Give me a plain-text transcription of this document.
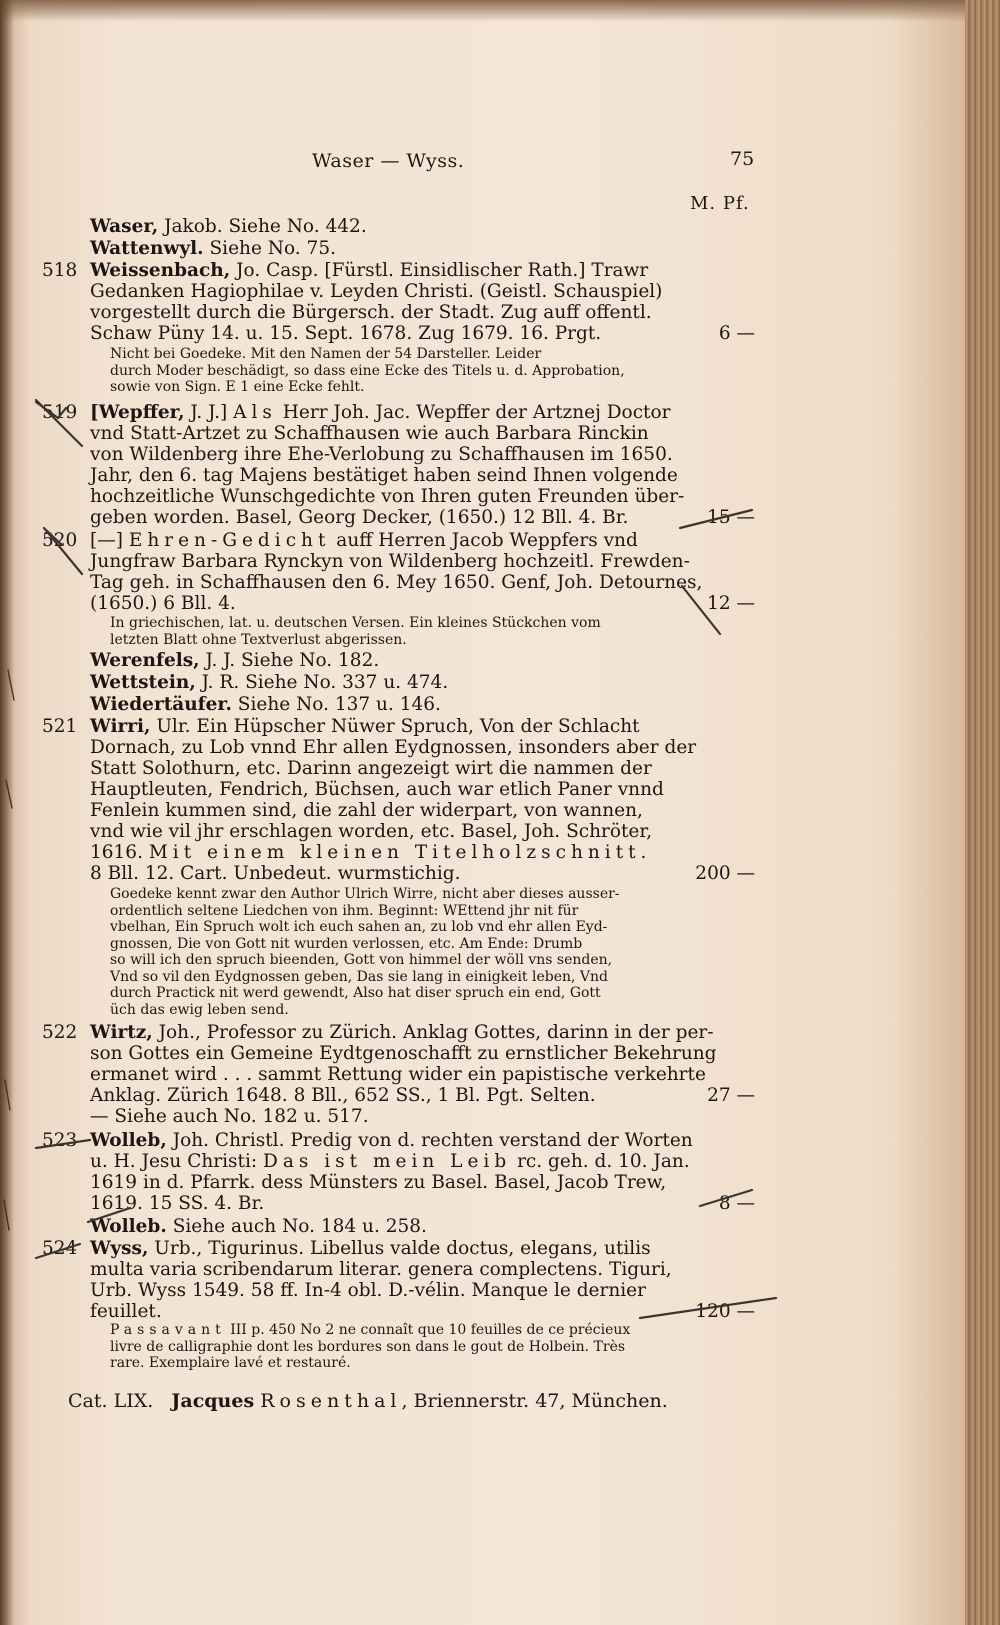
Waser — Wyss.	75
M. Pf.
Waser, Jakob. Siehe No. 442.
Wattenwyl. Siehe No. 75.
518 Weissenbach, Jo. Casp. [Fürstl. Einsidlischer Rath.] Trawr
Gedanken Hagiophilae v. Leyden Christi. (Geistl. Schauspiel)
vorgestellt durch die Bürgersch. der Stadt. Zug auff offentl.
Schaw Püny 14. u. 15. Sept. 1678. Zug 1679. 16. Prgt.	6 —
Nicht bei Goedeke. Mit den Namen der 54 Darsteller. Leider
durch Moder beschädigt, so dass eine Ecke des Titels u. d. Approbation,
sowie von Sign. E 1 eine Ecke fehlt.
519 [Wepffer, J. J.] Als Herr Joh. Jac. Wepffer der Artznej Doctor
vnd Statt-Artzet zu Schaffhausen wie auch Barbara Rinckin
von Wildenberg ihre Ehe-Verlobung zu Schaffhausen im 1650.
Jahr, den 6. tag Majens bestätiget haben seind Ihnen volgende
hochzeitliche Wunschgedichte von Ihren guten Freunden über-
geben worden. Basel, Georg Decker, (1650.) 12 Bll. 4. Br.	15 —
520 [—] Ehren-Gedicht auff Herren Jacob Weppfers vnd
Jungfraw Barbara Rynckyn von Wildenberg hochzeitl. Frewden-
Tag geh. in Schaffhausen den 6. Mey 1650. Genf, Joh. Detournes,
(1650.) 6 Bll. 4.	12 —
In griechischen, lat. u. deutschen Versen. Ein kleines Stückchen vom
letzten Blatt ohne Textverlust abgerissen.
Werenfels, J. J. Siehe No. 182.
Wettstein, J. R. Siehe No. 337 u. 474.
Wiedertäufer. Siehe No. 137 u. 146.
521 Wirri, Ulr. Ein Hüpscher Nüwer Spruch, Von der Schlacht
Dornach, zu Lob vnnd Ehr allen Eydgnossen, insonders aber der
Statt Solothurn, etc. Darinn angezeigt wirt die nammen der
Hauptleuten, Fendrich, Büchsen, auch war etlich Paner vnnd
Fenlein kummen sind, die zahl der widerpart, von wannen,
vnd wie vil jhr erschlagen worden, etc. Basel, Joh. Schröter,
1616. Mit einem kleinen Titelholzschnitt.
8 Bll. 12. Cart. Unbedeut. wurmstichig.	200 —
Goedeke kennt zwar den Author Ulrich Wirre, nicht aber dieses ausser-
ordentlich seltene Liedchen von ihm. Beginnt: WEttend jhr nit für
vbelhan, Ein Spruch wolt ich euch sahen an, zu lob vnd ehr allen Eyd-
gnossen, Die von Gott nit wurden verlossen, etc. Am Ende: Drumb
so will ich den spruch bieenden, Gott von himmel der wöll vns senden,
Vnd so vil den Eydgnossen geben, Das sie lang in einigkeit leben, Vnd
durch Practick nit werd gewendt, Also hat diser spruch ein end, Gott
üch das ewig leben send.
522 Wirtz, Joh., Professor zu Zürich. Anklag Gottes, darinn in der per-
son Gottes ein Gemeine Eydtgenoschafft zu ernstlicher Bekehrung
ermanet wird . . . sammt Rettung wider ein papistische verkehrte
Anklag. Zürich 1648. 8 Bll., 652 SS., 1 Bl. Pgt. Selten.	27 —
— Siehe auch No. 182 u. 517.
523 Wolleb, Joh. Christl. Predig von d. rechten verstand der Worten
u. H. Jesu Christi: Das ist mein Leib rc. geh. d. 10. Jan.
1619 in d. Pfarrk. dess Münsters zu Basel. Basel, Jacob Trew,
1619. 15 SS. 4. Br.	8 —
Wolleb. Siehe auch No. 184 u. 258.
524 Wyss, Urb., Tigurinus. Libellus valde doctus, elegans, utilis
multa varia scribendarum literar. genera complectens. Tiguri,
Urb. Wyss 1549. 58 ff. In-4 obl. D.-vélin. Manque le dernier
feuillet.	120 —
Passavant III p. 450 No 2 ne connaît que 10 feuilles de ce précieux
livre de calligraphie dont les bordures son dans le gout de Holbein. Très
rare. Exemplaire lavé et restauré.
Cat. LIX. Jacques Rosenthal, Briennerstr. 47, München.
